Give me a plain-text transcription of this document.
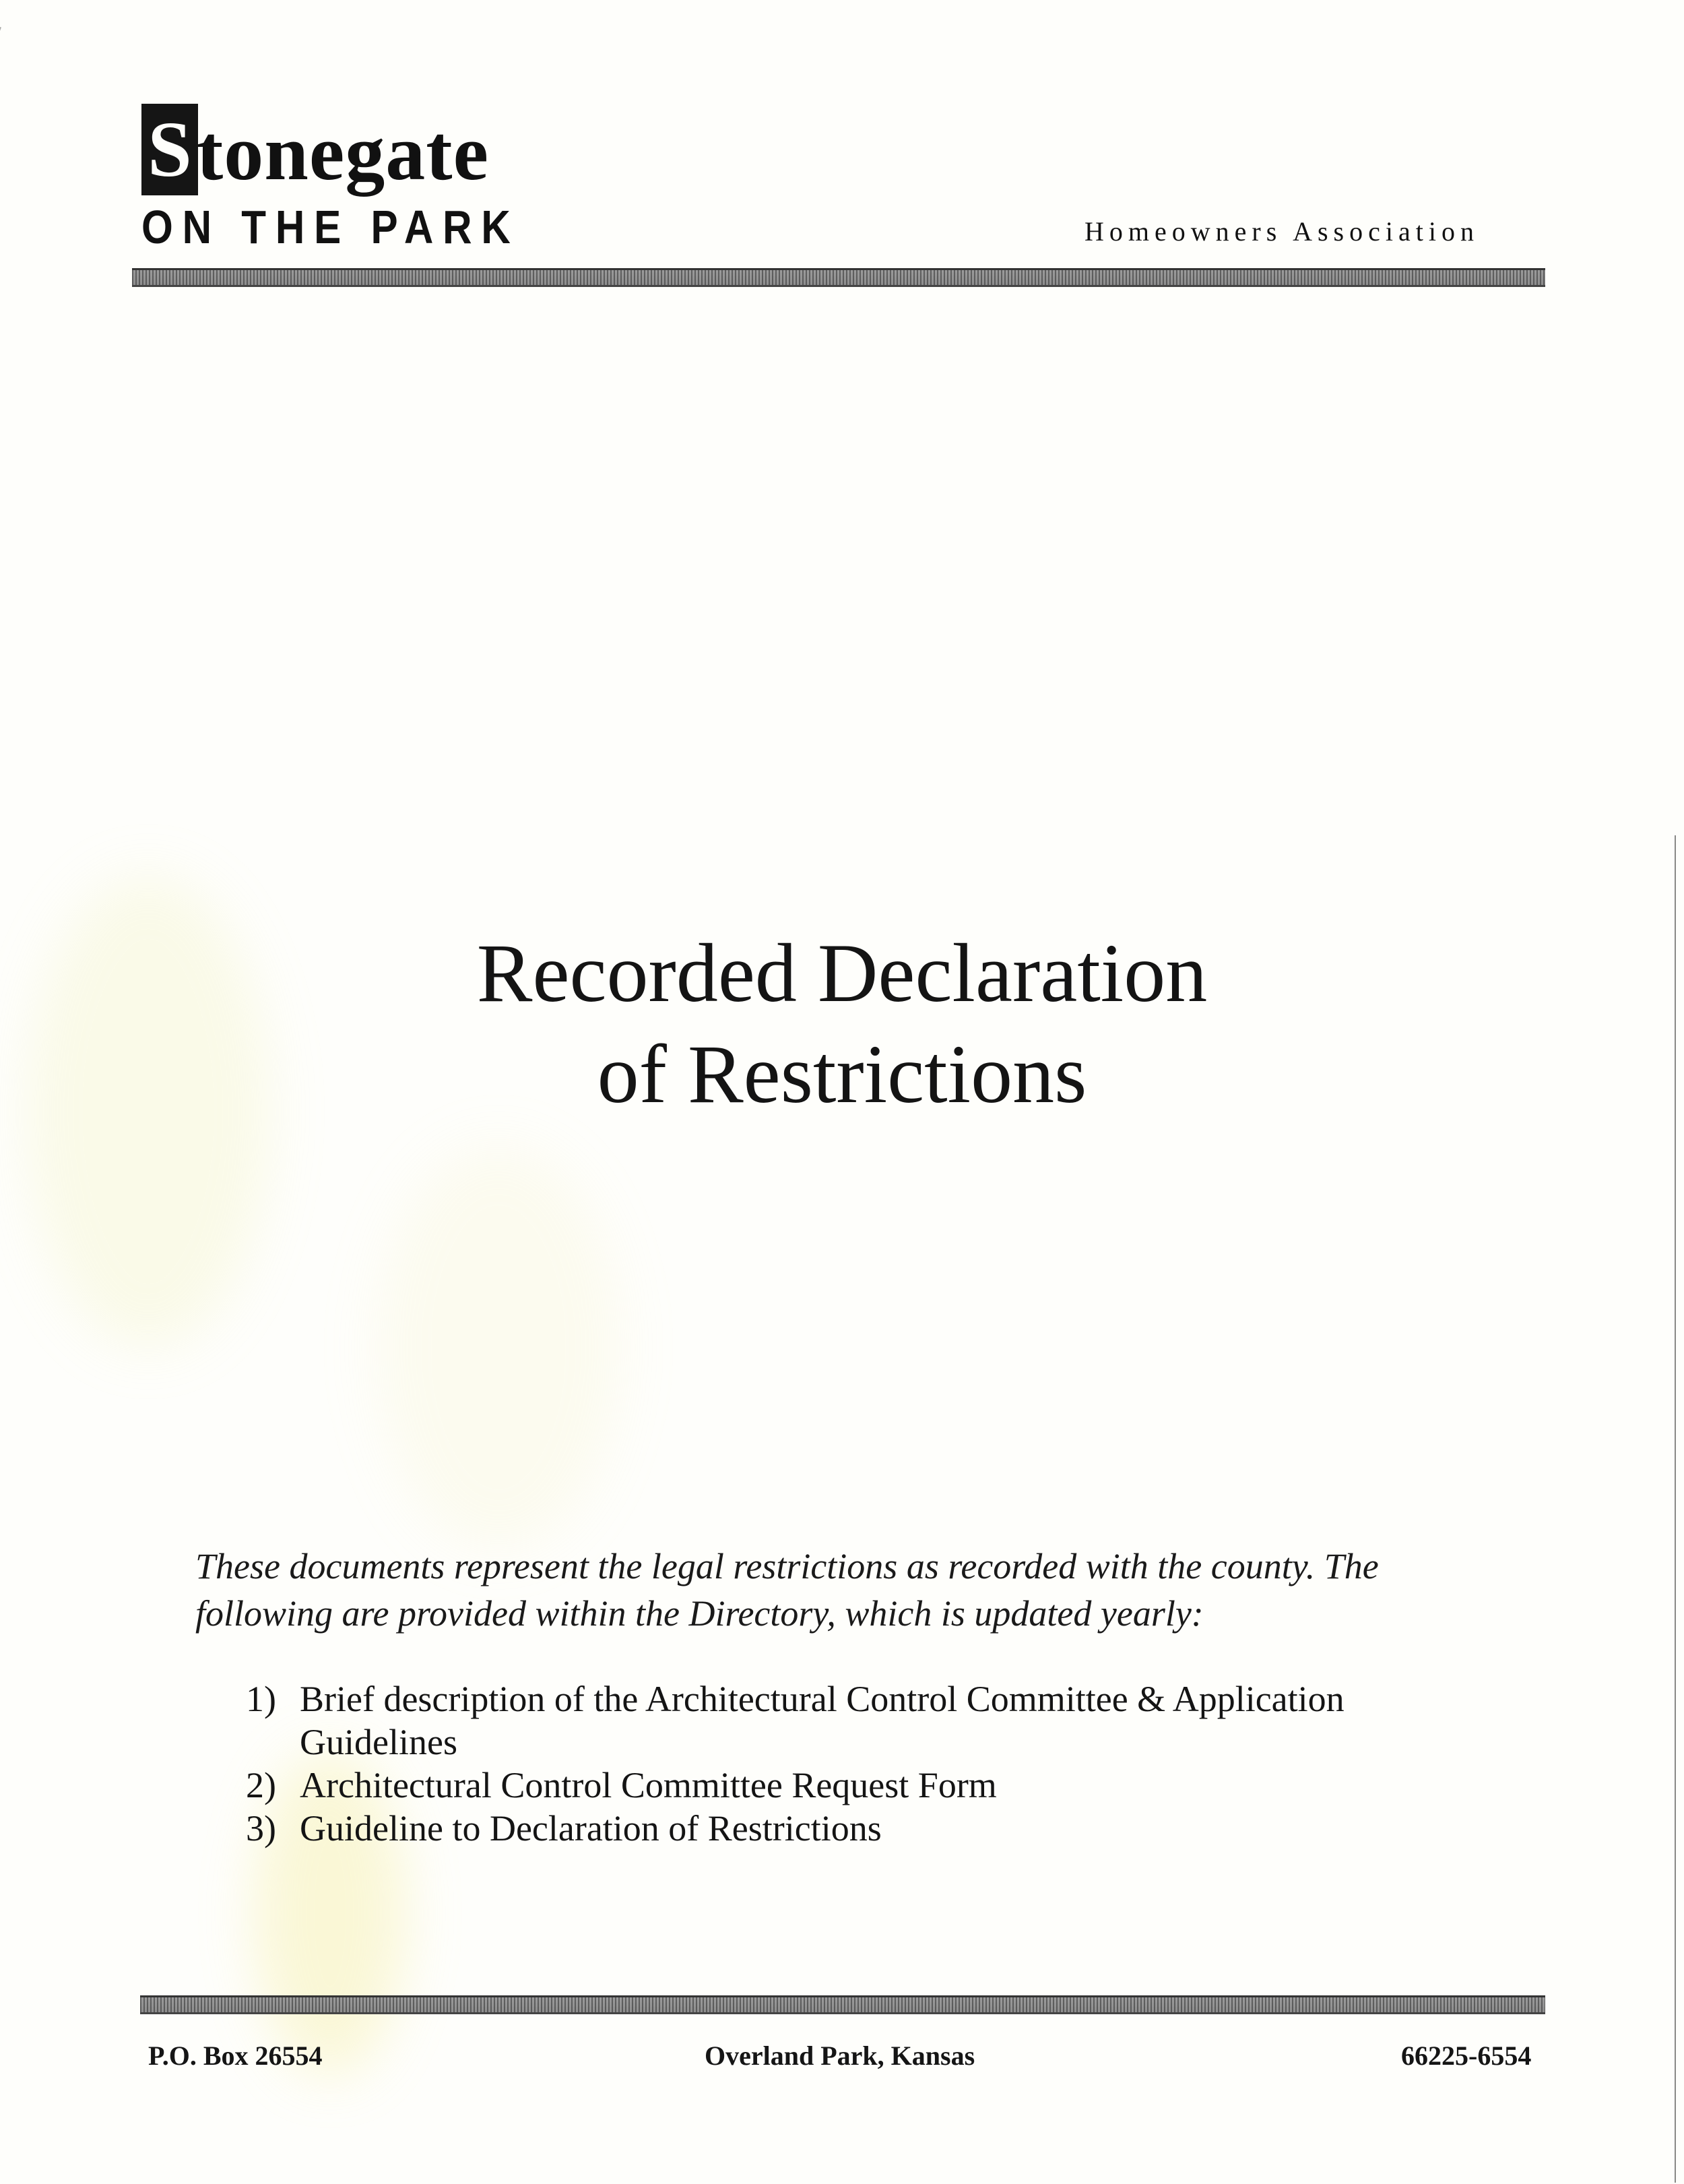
S tonegate
ON THE PARK	Homeowners Association
Recorded Declaration
of Restrictions
These documents represent the legal restrictions as recorded with the county. The following are provided within the Directory, which is updated yearly:
1) Brief description of the Architectural Control Committee & Application Guidelines
2) Architectural Control Committee Request Form
3) Guideline to Declaration of Restrictions
P.O. Box 26554	Overland Park, Kansas	66225-6554
